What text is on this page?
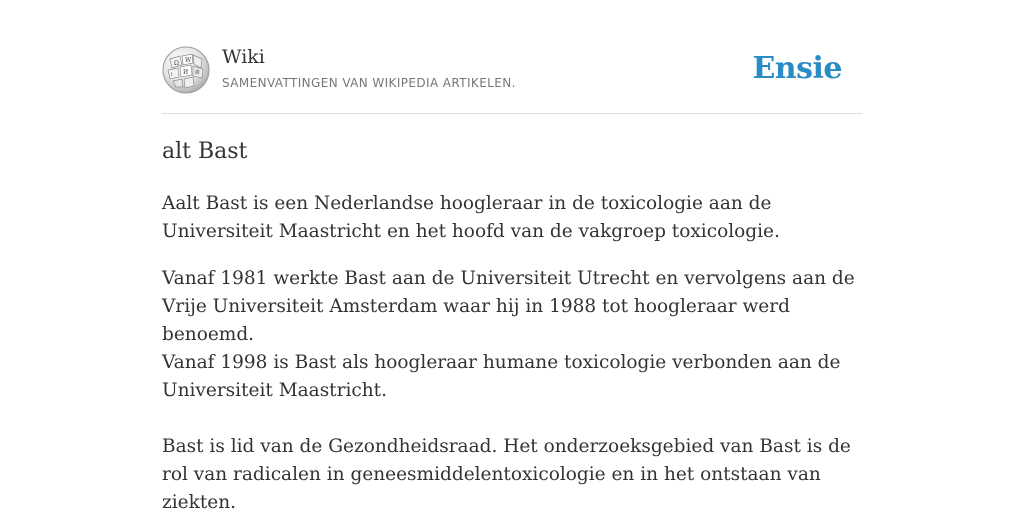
Ω W
И 維
ا
Wiki
SAMENVATTINGEN VAN WIKIPEDIA ARTIKELEN.	Ensie
alt Bast

Aalt Bast is een Nederlandse hoogleraar in de toxicologie aan de Universiteit Maastricht en het hoofd van de vakgroep toxicologie.

Vanaf 1981 werkte Bast aan de Universiteit Utrecht en vervolgens aan de Vrije Universiteit Amsterdam waar hij in 1988 tot hoogleraar werd benoemd.

Vanaf 1998 is Bast als hoogleraar humane toxicologie verbonden aan de Universiteit Maastricht.

Bast is lid van de Gezondheidsraad. Het onderzoeksgebied van Bast is de rol van radicalen in geneesmiddelentoxicologie en in het ontstaan van ziekten.
